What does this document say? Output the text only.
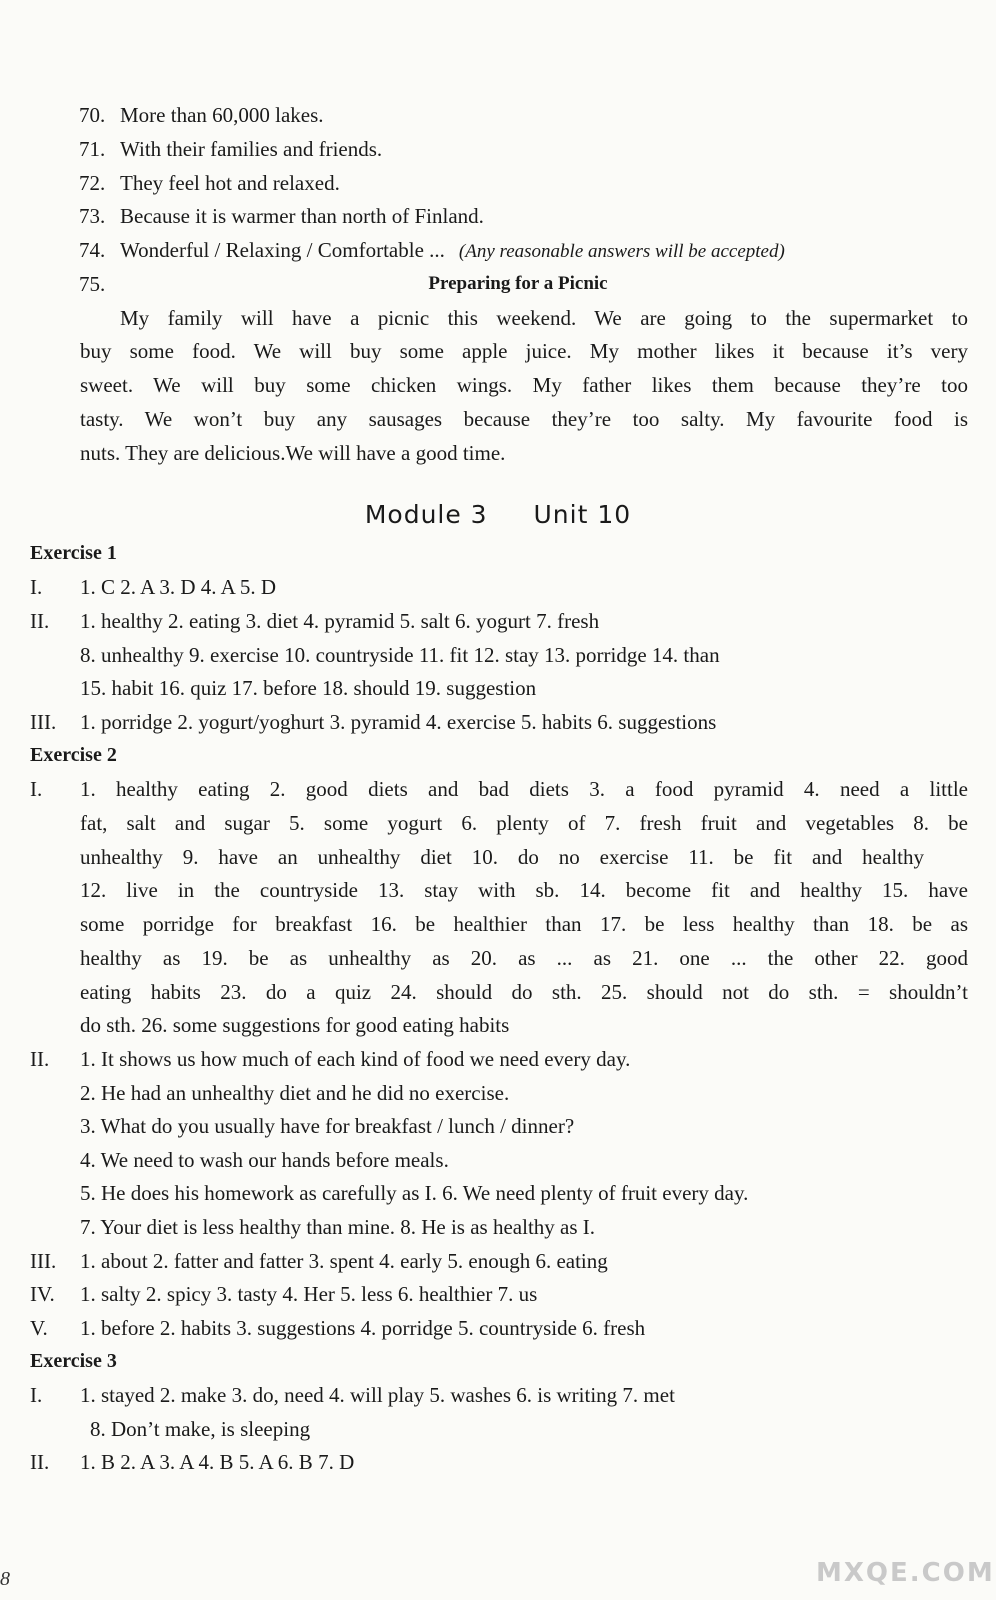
70. More than 60,000 lakes.
71. With their families and friends.
72. They feel hot and relaxed.
73. Because it is warmer than north of Finland.
74. Wonderful / Relaxing / Comfortable ... (Any reasonable answers will be accepted)
75.	Preparing for a Picnic
My family will have a picnic this weekend. We are going to the supermarket to
buy some food. We will buy some apple juice. My mother likes it because it’s very
sweet. We will buy some chicken wings. My father likes them because they’re too
tasty. We won’t buy any sausages because they’re too salty. My favourite food is
nuts. They are delicious.We will have a good time.
Module 3 Unit 10
Exercise 1
I. 1. C 2. A 3. D 4. A 5. D
II. 1. healthy 2. eating 3. diet 4. pyramid 5. salt 6. yogurt 7. fresh
8. unhealthy 9. exercise 10. countryside 11. fit 12. stay 13. porridge 14. than
15. habit 16. quiz 17. before 18. should 19. suggestion
III. 1. porridge 2. yogurt/yoghurt 3. pyramid 4. exercise 5. habits 6. suggestions
Exercise 2
I. 1. healthy eating 2. good diets and bad diets 3. a food pyramid 4. need a little
fat, salt and sugar 5. some yogurt 6. plenty of 7. fresh fruit and vegetables 8. be
unhealthy 9. have an unhealthy diet 10. do no exercise 11. be fit and healthy
12. live in the countryside 13. stay with sb. 14. become fit and healthy 15. have
some porridge for breakfast 16. be healthier than 17. be less healthy than 18. be as
healthy as 19. be as unhealthy as 20. as ... as 21. one ... the other 22. good
eating habits 23. do a quiz 24. should do sth. 25. should not do sth. = shouldn’t
do sth. 26. some suggestions for good eating habits
II. 1. It shows us how much of each kind of food we need every day.
2. He had an unhealthy diet and he did no exercise.
3. What do you usually have for breakfast / lunch / dinner?
4. We need to wash our hands before meals.
5. He does his homework as carefully as I. 6. We need plenty of fruit every day.
7. Your diet is less healthy than mine. 8. He is as healthy as I.
III. 1. about 2. fatter and fatter 3. spent 4. early 5. enough 6. eating
IV. 1. salty 2. spicy 3. tasty 4. Her 5. less 6. healthier 7. us
V. 1. before 2. habits 3. suggestions 4. porridge 5. countryside 6. fresh
Exercise 3
I. 1. stayed 2. make 3. do, need 4. will play 5. washes 6. is writing 7. met
8. Don’t make, is sleeping
II. 1. B 2. A 3. A 4. B 5. A 6. B 7. D
8	MXQE.COM
